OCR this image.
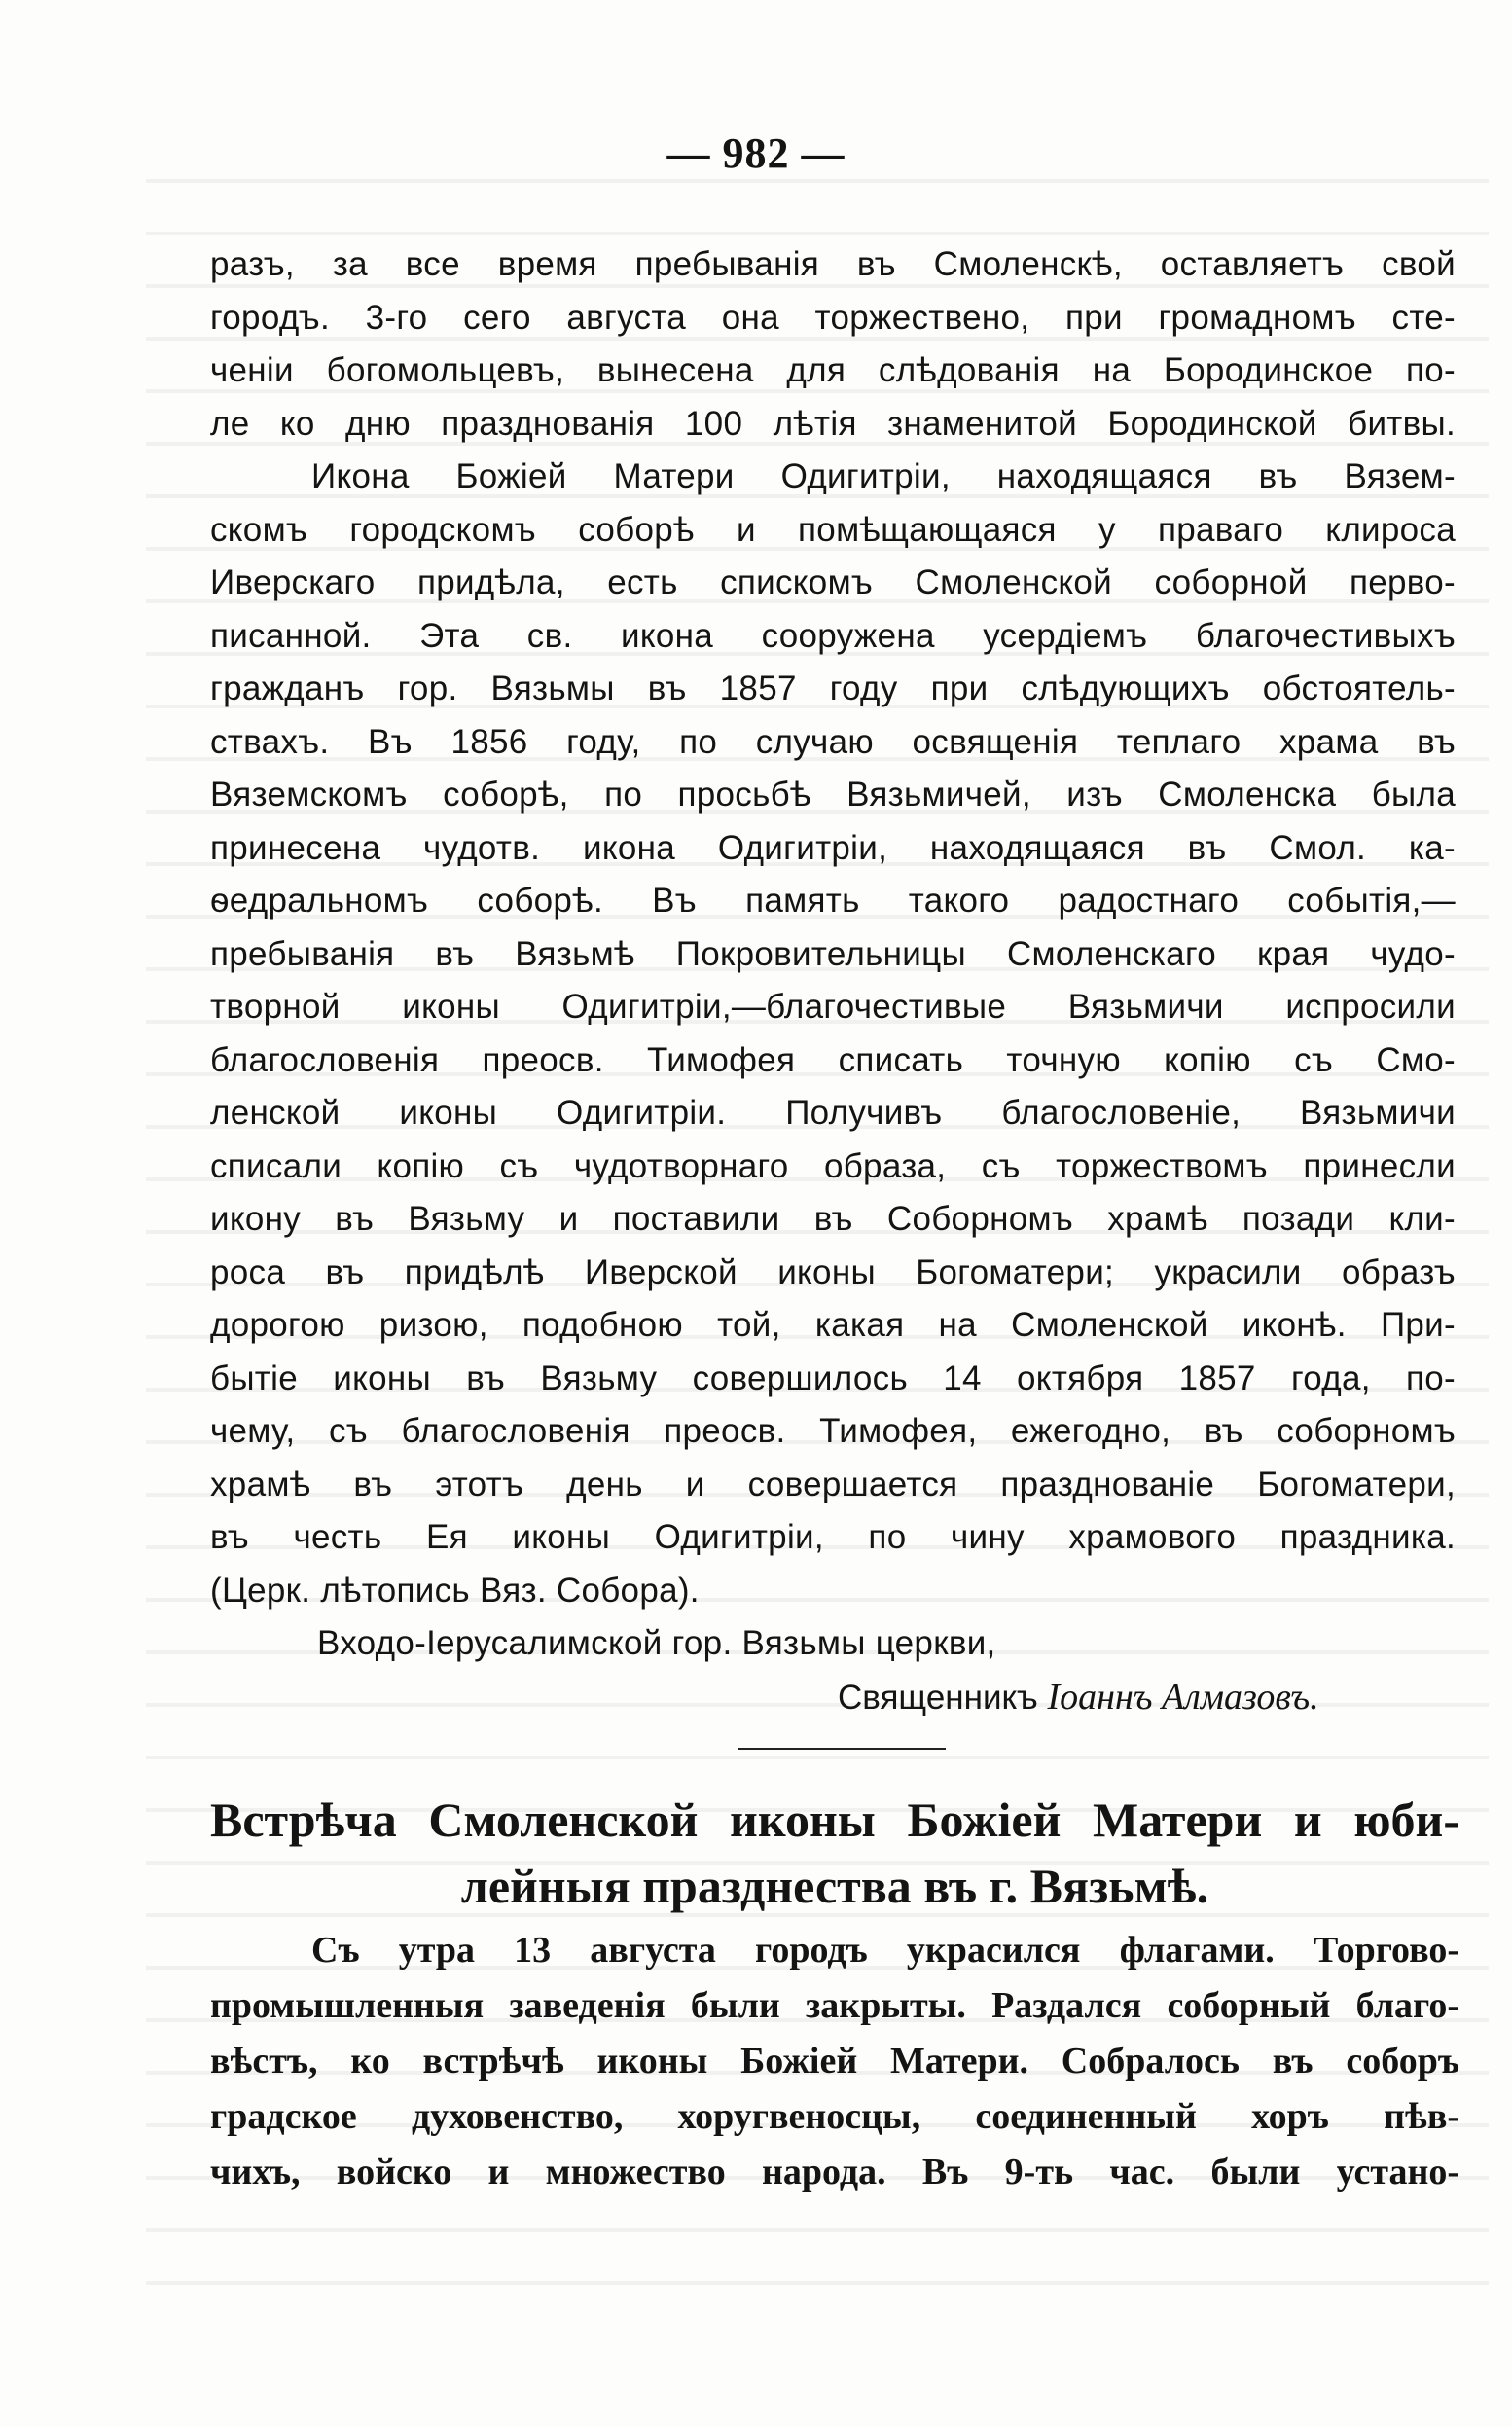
— 982 —
разъ, за все время пребыванія въ Смоленскѣ, оставляетъ свой
городъ. 3-го сего августа она торжествено, при громадномъ сте-
ченіи богомольцевъ, вынесена для слѣдованія на Бородинское по-
ле ко дню празднованія 100 лѣтія знаменитой Бородинской битвы.
Икона Божіей Матери Одигитріи, находящаяся въ Вязем-
скомъ городскомъ соборѣ и помѣщающаяся у праваго клироса
Иверскаго придѣла, есть спискомъ Смоленской соборной перво-
писанной. Эта св. икона сооружена усердіемъ благочестивыхъ
гражданъ гор. Вязьмы въ 1857 году при слѣдующихъ обстоятель-
ствахъ. Въ 1856 году, по случаю освященія теплаго храма въ
Вяземскомъ соборѣ, по просьбѣ Вязьмичей, изъ Смоленска была
принесена чудотв. икона Одигитріи, находящаяся въ Смол. ка-
ѳедральномъ соборѣ. Въ память такого радостнаго событія,—
пребыванія въ Вязьмѣ Покровительницы Смоленскаго края чудо-
творной иконы Одигитріи,—благочестивые Вязьмичи испросили
благословенія преосв. Тимофея списать точную копію съ Смо-
ленской иконы Одигитріи. Получивъ благословеніе, Вязьмичи
списали копію съ чудотворнаго образа, съ торжествомъ принесли
икону въ Вязьму и поставили въ Соборномъ храмѣ позади кли-
роса въ придѣлѣ Иверской иконы Богоматери; украсили образъ
дорогою ризою, подобною той, какая на Смоленской иконѣ. При-
бытіе иконы въ Вязьму совершилось 14 октября 1857 года, по-
чему, съ благословенія преосв. Тимофея, ежегодно, въ соборномъ
храмѣ въ этотъ день и совершается празднованіе Богоматери,
въ честь Ея иконы Одигитріи, по чину храмового праздника.
(Церк. лѣтопись Вяз. Собора).
Входо-Іерусалимской гор. Вязьмы церкви,
Священникъ Іоаннъ Алмазовъ.
Встрѣча Смоленской иконы Божіей Матери и юби-
лейныя празднества въ г. Вязьмѣ.
Съ утра 13 августа городъ украсился флагами. Торгово-
промышленныя заведенія были закрыты. Раздался соборный благо-
вѣстъ, ко встрѣчѣ иконы Божіей Матери. Собралось въ соборъ
градское духовенство, хоругвеносцы, соединенный хоръ пѣв-
чихъ, войско и множество народа. Въ 9-ть час. были устано-
